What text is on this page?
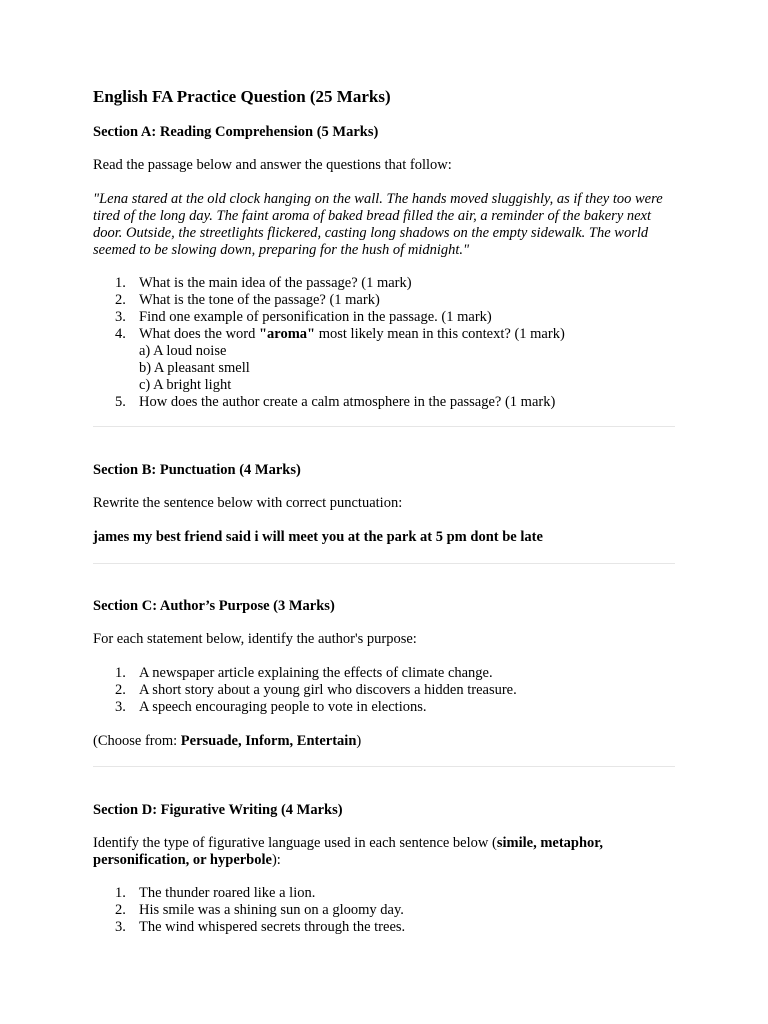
English FA Practice Question (25 Marks)
Section A: Reading Comprehension (5 Marks)

Read the passage below and answer the questions that follow:

"Lena stared at the old clock hanging on the wall. The hands moved sluggishly, as if they too were tired of the long day. The faint aroma of baked bread filled the air, a reminder of the bakery next door. Outside, the streetlights flickered, casting long shadows on the empty sidewalk. The world seemed to be slowing down, preparing for the hush of midnight."

1. What is the main idea of the passage? (1 mark)
2. What is the tone of the passage? (1 mark)
3. Find one example of personification in the passage. (1 mark)
4. What does the word "aroma" most likely mean in this context? (1 mark)
a) A loud noise
b) A pleasant smell
c) A bright light
5. How does the author create a calm atmosphere in the passage? (1 mark)
Section B: Punctuation (4 Marks)

Rewrite the sentence below with correct punctuation:

james my best friend said i will meet you at the park at 5 pm dont be late

Section C: Author’s Purpose (3 Marks)

For each statement below, identify the author's purpose:

1. A newspaper article explaining the effects of climate change.
2. A short story about a young girl who discovers a hidden treasure.
3. A speech encouraging people to vote in elections.

(Choose from: Persuade, Inform, Entertain)

Section D: Figurative Writing (4 Marks)

Identify the type of figurative language used in each sentence below (simile, metaphor, personification, or hyperbole):

1. The thunder roared like a lion.
2. His smile was a shining sun on a gloomy day.
3. The wind whispered secrets through the trees.
